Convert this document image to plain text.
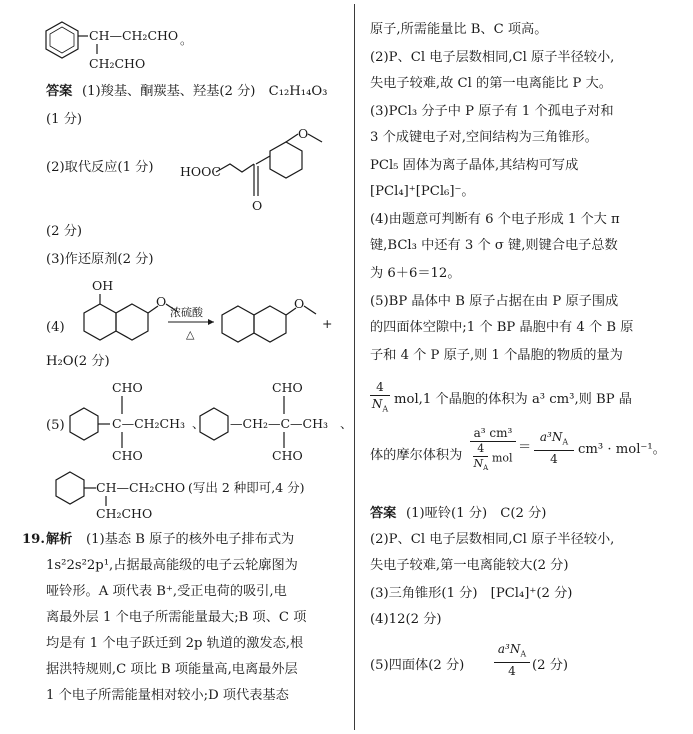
CH—CH₂CHO
CH₂CHO
。
答案 (1)羧基、酮羰基、羟基(2 分)　C₁₂H₁₄O₃
(1 分)
(2)取代反应(1 分) HOOC
O
O
(2 分)
(3)作还原剂(2 分)
(4)
OH
O
浓硫酸
△
O
+
H₂O(2 分)
(5)
CHO
C—CH₂CH₃
CHO
、 —CH₂—C—CH₃
CHO
CHO
、
CH—CH₂CHO
CH₂CHO
(写出 2 种即可,4 分)
19. 解析 (1)基态 B 原子的核外电子排布式为
1s²2s²2p¹,占据最高能级的电子云轮廓图为
哑铃形。A 项代表 B⁺,受正电荷的吸引,电
离最外层 1 个电子所需能量最大;B 项、C 项
均是有 1 个电子跃迁到 2p 轨道的激发态,根
据洪特规则,C 项比 B 项能量高,电离最外层
1 个电子所需能量相对较小;D 项代表基态
原子,所需能量比 B、C 项高。
(2)P、Cl 电子层数相同,Cl 原子半径较小,
失电子较难,故 Cl 的第一电离能比 P 大。
(3)PCl₃ 分子中 P 原子有 1 个孤电子对和
3 个成键电子对,空间结构为三角锥形。
PCl₅ 固体为离子晶体,其结构可写成
[PCl₄]⁺[PCl₆]⁻。
(4)由题意可判断有 6 个电子形成 1 个大 π
键,BCl₃ 中还有 3 个 σ 键,则键合电子总数
为 6＋6＝12。
(5)BP 晶体中 B 原子占据在由 P 原子围成
的四面体空隙中;1 个 BP 晶胞中有 4 个 B 原
子和 4 个 P 原子,则 1 个晶胞的物质的量为
4
$N_A$
mol,1 个晶胞的体积为 a³ cm³,则 BP 晶
体的摩尔体积为
a³ cm³
$\frac{4}{N_A}$ mol
＝
$a^3N_A$
4
cm³ · mol⁻¹。
答案 (1)哑铃(1 分)　C(2 分)
(2)P、Cl 电子层数相同,Cl 原子半径较小,
失电子较难,第一电离能较大(2 分)
(3)三角锥形(1 分)　[PCl₄]⁺(2 分)
(4)12(2 分)
(5)四面体(2 分)
$a^3N_A$
4	(2 分)
